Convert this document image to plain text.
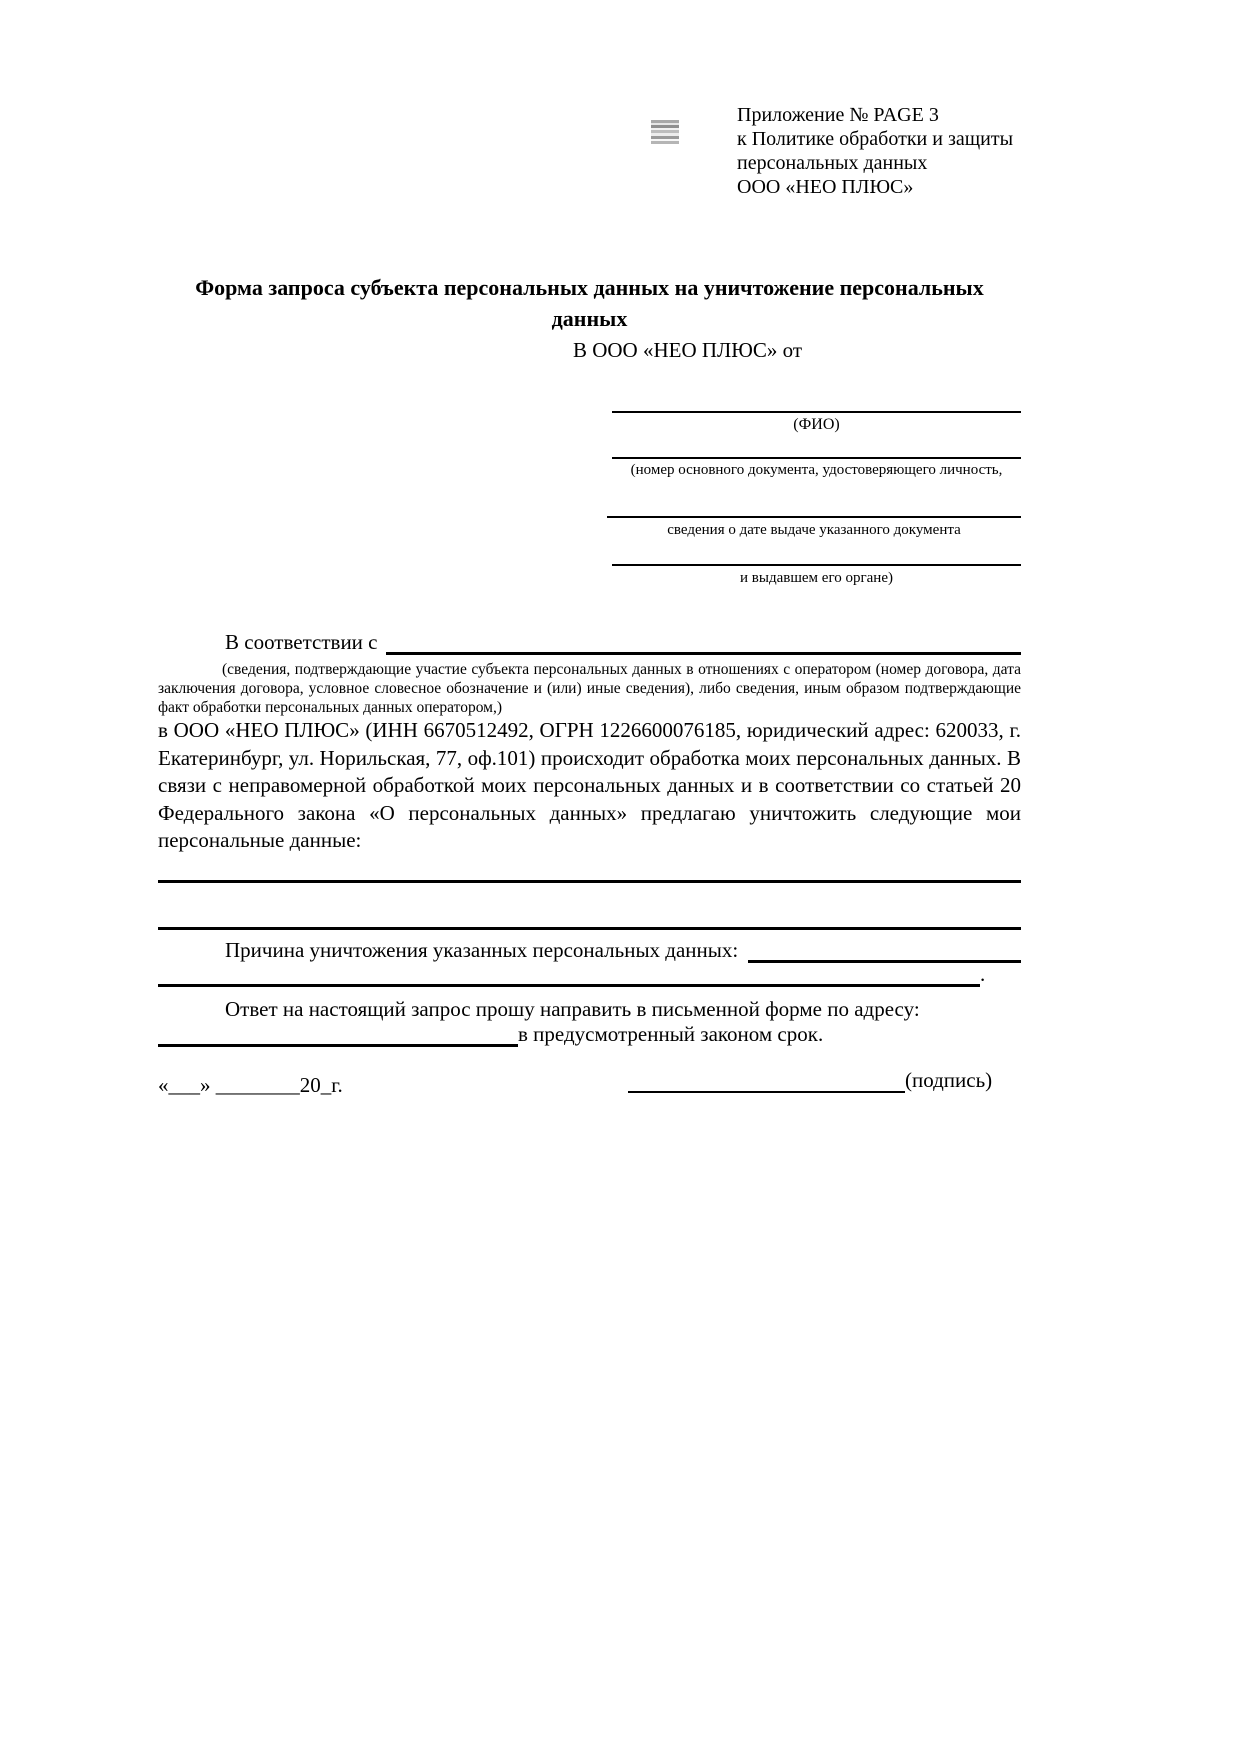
Приложение № PAGE 3
к Политике обработки и защиты
персональных данных
ООО «НЕО ПЛЮС»
Форма запроса субъекта персональных данных на уничтожение персональных данных
В ООО «НЕО ПЛЮС» от
(ФИО)
(номер основного документа, удостоверяющего личность,
сведения о дате выдаче указанного документа
и выдавшем его органе)
В соответствии с
(сведения, подтверждающие участие субъекта персональных данных в отношениях с оператором (номер договора, дата заключения договора, условное словесное обозначение и (или) иные сведения), либо сведения, иным образом подтверждающие факт обработки персональных данных оператором,)
в ООО «НЕО ПЛЮС» (ИНН 6670512492, ОГРН 1226600076185, юридический адрес: 620033, г. Екатеринбург, ул. Норильская, 77, оф.101) происходит обработка моих персональных данных. В связи с неправомерной обработкой моих персональных данных и в соответствии со статьей 20 Федерального закона «О персональных данных» предлагаю уничтожить следующие мои персональные данные:
Причина уничтожения указанных персональных данных:
.
Ответ на настоящий запрос прошу направить в письменной форме по адресу:
в предусмотренный законом срок.
«___» ________20_г.	(подпись)
